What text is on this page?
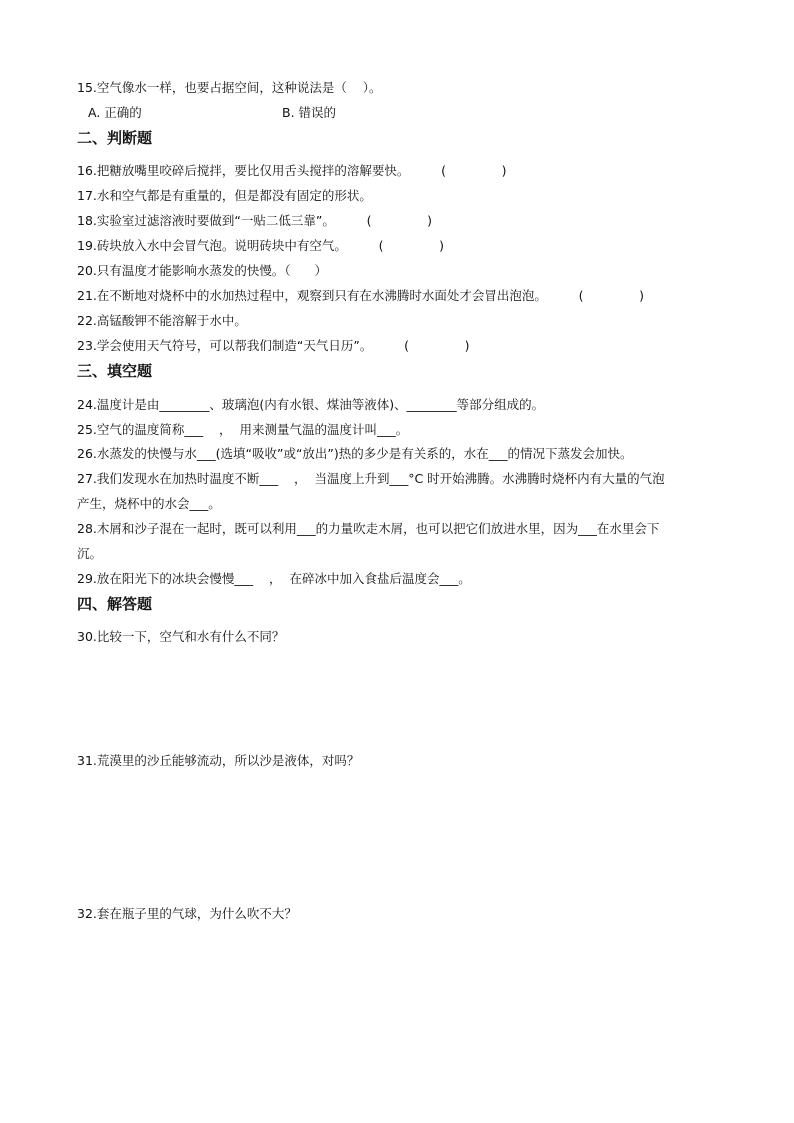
15.空气像水一样，也要占据空间，这种说法是（    ）。
A. 正确的	B. 错误的
二、判断题
16.把糖放嘴里咬碎后搅拌，要比仅用舌头搅拌的溶解要快。        (              )
17.水和空气都是有重量的，但是都没有固定的形状。
18.实验室过滤溶液时要做到“一贴二低三靠”。        (              )
19.砖块放入水中会冒气泡。说明砖块中有空气。        (              )
20.只有温度才能影响水蒸发的快慢。（      ）
21.在不断地对烧杯中的水加热过程中，观察到只有在水沸腾时水面处才会冒出泡泡。        (              )
22.高锰酸钾不能溶解于水中。
23.学会使用天气符号，可以帮我们制造“天气日历”。        (              )
三、填空题
24.温度计是由________、玻璃泡(内有水银、煤油等液体)、________等部分组成的。
25.空气的温度简称___    ，  用来测量气温的温度计叫___。
26.水蒸发的快慢与水___(选填“吸收”或“放出”)热的多少是有关系的，水在___的情况下蒸发会加快。
27.我们发现水在加热时温度不断___    ，  当温度上升到___°C 时开始沸腾。水沸腾时烧杯内有大量的气泡
产生，烧杯中的水会___。
28.木屑和沙子混在一起时，既可以利用___的力量吹走木屑，也可以把它们放进水里，因为___在水里会下
沉。
29.放在阳光下的冰块会慢慢___    ，  在碎冰中加入食盐后温度会___。
四、解答题
30.比较一下，空气和水有什么不同？
31.荒漠里的沙丘能够流动，所以沙是液体，对吗？
32.套在瓶子里的气球，为什么吹不大？
